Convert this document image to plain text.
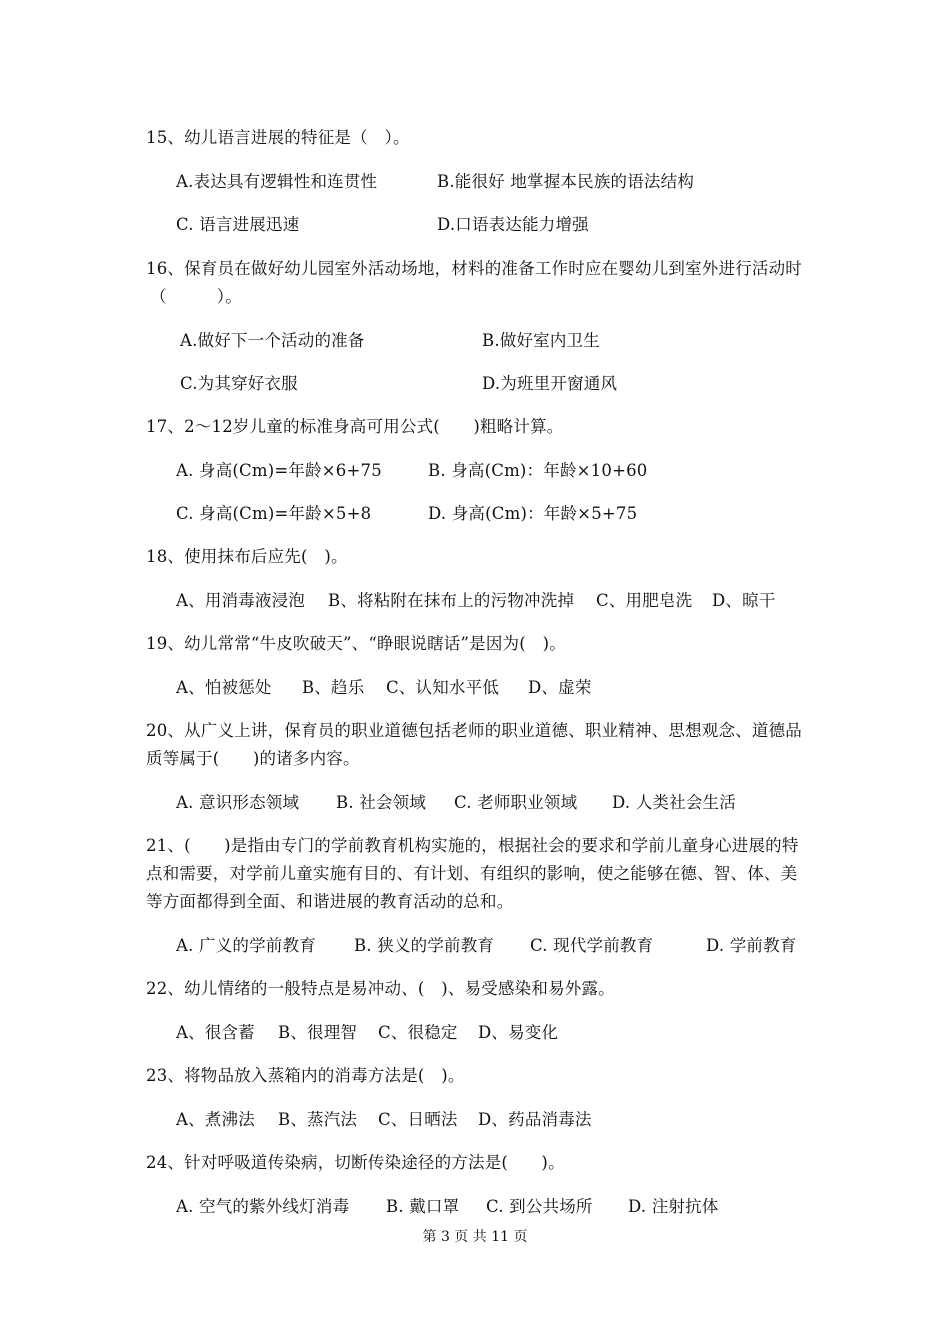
15、幼儿语言进展的特征是（　）。
A.表达具有逻辑性和连贯性	B.能很好 地掌握本民族的语法结构
C. 语言进展迅速	D.口语表达能力增强
16、保育员在做好幼儿园室外活动场地，材料的准备工作时应在婴幼儿到室外进行活动时
（　　　）。
A.做好下一个活动的准备	B.做好室内卫生
C.为其穿好衣服	D.为班里开窗通风
17、2～12岁儿童的标准身高可用公式(　　)粗略计算。
A. 身高(Cm)=年龄×6+75	B. 身高(Cm)：年龄×10+60
C. 身高(Cm)=年龄×5+8	D. 身高(Cm)：年龄×5+75
18、使用抹布后应先(　)。
A、用消毒液浸泡 B、将粘附在抹布上的污物冲洗掉 C、用肥皂洗 D、晾干
19、幼儿常常“牛皮吹破天”、“睁眼说瞎话”是因为(　)。
A、怕被惩处 B、趋乐 C、认知水平低 D、虚荣
20、从广义上讲，保育员的职业道德包括老师的职业道德、职业精神、思想观念、道德品
质等属于(　　)的诸多内容。
A. 意识形态领域 B. 社会领域 C. 老师职业领域 D. 人类社会生活
21、(　　)是指由专门的学前教育机构实施的，根据社会的要求和学前儿童身心进展的特
点和需要，对学前儿童实施有目的、有计划、有组织的影响，使之能够在德、智、体、美
等方面都得到全面、和谐进展的教育活动的总和。
A. 广义的学前教育 B. 狭义的学前教育 C. 现代学前教育	D. 学前教育
22、幼儿情绪的一般特点是易冲动、(　)、易受感染和易外露。
A、很含蓄 B、很理智 C、很稳定 D、易变化
23、将物品放入蒸箱内的消毒方法是(　)。
A、煮沸法 B、蒸汽法 C、日晒法 D、药品消毒法
24、针对呼吸道传染病，切断传染途径的方法是(　　)。
A. 空气的紫外线灯消毒 B. 戴口罩 C. 到公共场所 D. 注射抗体
第 3 页 共 11 页
